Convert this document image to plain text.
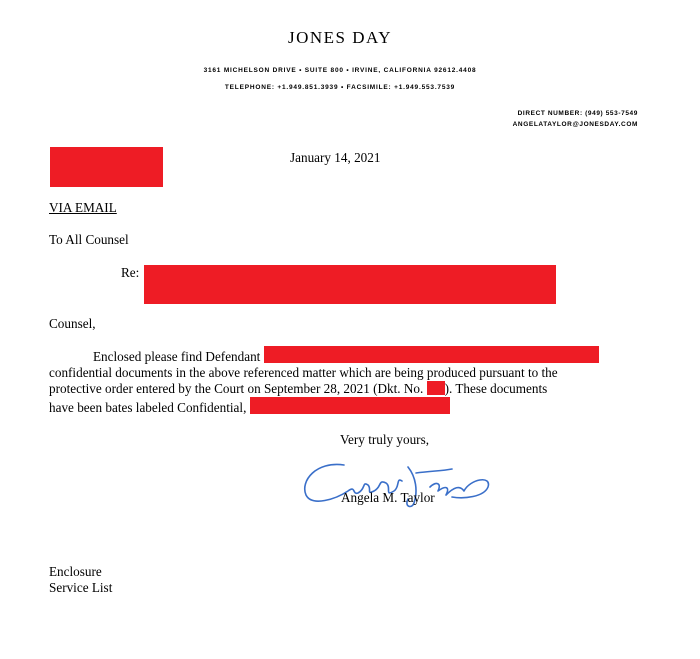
JONES DAY
3161 MICHELSON DRIVE • SUITE 800 • IRVINE, CALIFORNIA 92612.4408
TELEPHONE: +1.949.851.3939 • FACSIMILE: +1.949.553.7539
DIRECT NUMBER: (949) 553-7549
ANGELATAYLOR@JONESDAY.COM
January 14, 2021
VIA EMAIL
To All Counsel
Re:
Counsel,
Enclosed please find Defendant
confidential documents in the above referenced matter which are being produced pursuant to the
protective order entered by the Court on September 28, 2021 (Dkt. No. ). These documents
have been bates labeled Confidential,
Very truly yours,
Angela M. Taylor
Enclosure
Service List
